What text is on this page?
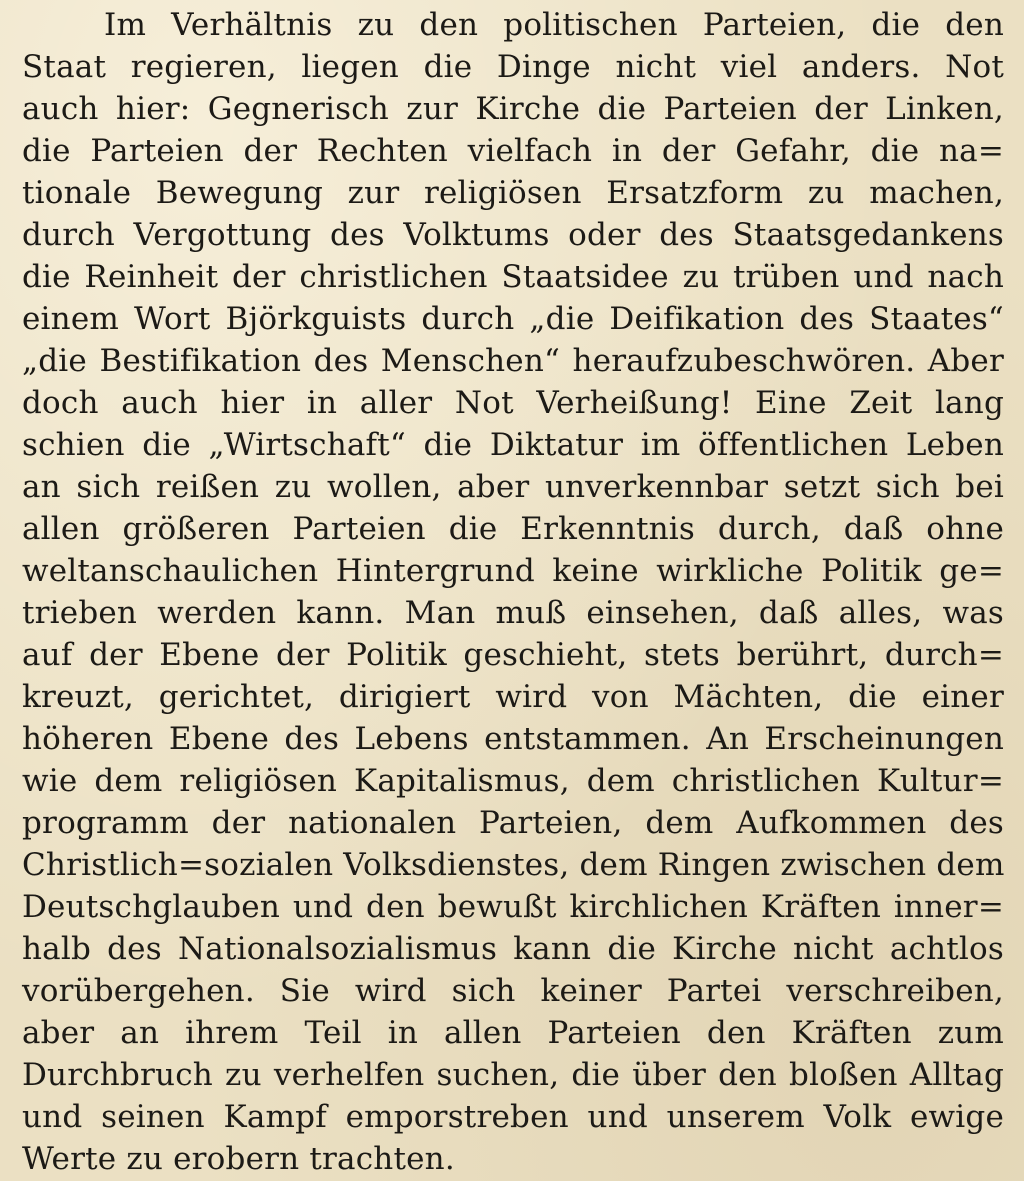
Im Verhältnis zu den politischen Parteien, die den
Staat regieren, liegen die Dinge nicht viel anders. Not
auch hier: Gegnerisch zur Kirche die Parteien der Linken,
die Parteien der Rechten vielfach in der Gefahr, die na=
tionale Bewegung zur religiösen Ersatzform zu machen,
durch Vergottung des Volktums oder des Staatsgedankens
die Reinheit der christlichen Staatsidee zu trüben und nach
einem Wort Björkguists durch „die Deifikation des Staates“
„die Bestifikation des Menschen“ heraufzubeschwören. Aber
doch auch hier in aller Not Verheißung! Eine Zeit lang
schien die „Wirtschaft“ die Diktatur im öffentlichen Leben
an sich reißen zu wollen, aber unverkennbar setzt sich bei
allen größeren Parteien die Erkenntnis durch, daß ohne
weltanschaulichen Hintergrund keine wirkliche Politik ge=
trieben werden kann. Man muß einsehen, daß alles, was
auf der Ebene der Politik geschieht, stets berührt, durch=
kreuzt, gerichtet, dirigiert wird von Mächten, die einer
höheren Ebene des Lebens entstammen. An Erscheinungen
wie dem religiösen Kapitalismus, dem christlichen Kultur=
programm der nationalen Parteien, dem Aufkommen des
Christlich=sozialen Volksdienstes, dem Ringen zwischen dem
Deutschglauben und den bewußt kirchlichen Kräften inner=
halb des Nationalsozialismus kann die Kirche nicht achtlos
vorübergehen. Sie wird sich keiner Partei verschreiben,
aber an ihrem Teil in allen Parteien den Kräften zum
Durchbruch zu verhelfen suchen, die über den bloßen Alltag
und seinen Kampf emporstreben und unserem Volk ewige
Werte zu erobern trachten.
